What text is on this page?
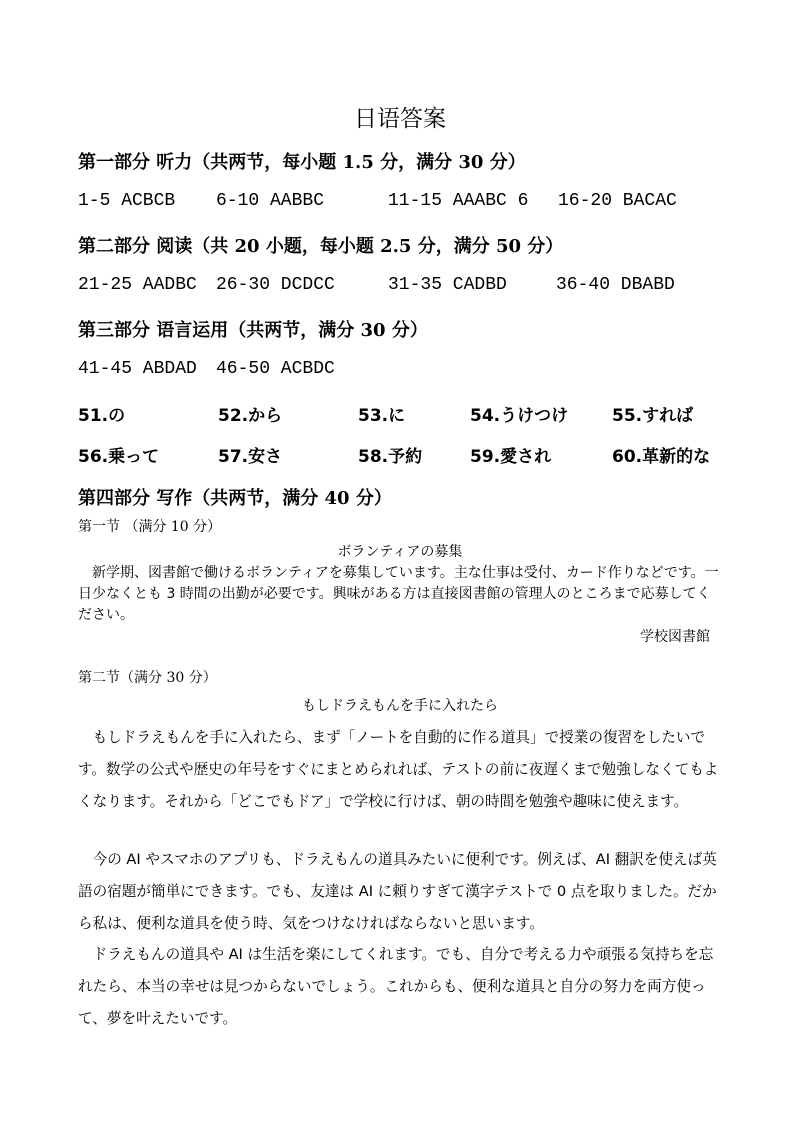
日语答案
第一部分 听力（共两节，每小题 1.5 分，满分 30 分）
1-5 ACBCB 6-10 AABBC	11-15 AAABC 6 16-20 BACAC
第二部分 阅读（共 20 小题，每小题 2.5 分，满分 50 分）
21-25 AADBC 26-30 DCDCC	31-35 CADBD	36-40 DBABD
第三部分 语言运用（共两节，满分 30 分）
41-45 ABDAD 46-50 ACBDC
51.の	52.から	53.に	54.うけつけ	55.すれば
56.乗って	57.安さ	58.予約	59.愛され	60.革新的な
第四部分 写作（共两节，满分 40 分）
第一节 （满分 10 分）
ボランティアの募集
新学期、図書館で働けるボランティアを募集しています。主な仕事は受付、カード作りなどです。一日少なくとも 3 時間の出勤が必要です。興味がある方は直接図書館の管理人のところまで応募してください。
学校図書館
第二节（满分 30 分）
もしドラえもんを手に入れたら
もしドラえもんを手に入れたら、まず「ノートを自動的に作る道具」で授業の復習をしたいです。数学の公式や歴史の年号をすぐにまとめられれば、テストの前に夜遅くまで勉強しなくてもよくなります。それから「どこでもドア」で学校に行けば、朝の時間を勉強や趣味に使えます。
今の AI やスマホのアプリも、ドラえもんの道具みたいに便利です。例えば、AI 翻訳を使えば英語の宿題が簡単にできます。でも、友達は AI に頼りすぎて漢字テストで 0 点を取りました。だから私は、便利な道具を使う時、気をつけなければならないと思います。
ドラえもんの道具や AI は生活を楽にしてくれます。でも、自分で考える力や頑張る気持ちを忘れたら、本当の幸せは見つからないでしょう。これからも、便利な道具と自分の努力を両方使って、夢を叶えたいです。
